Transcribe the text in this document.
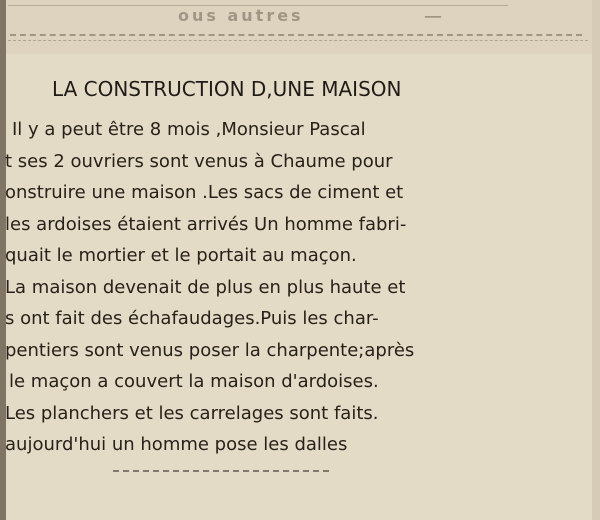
ous autres	—
LA CONSTRUCTION D,UNE MAISON
Il y a peut être 8 mois ,Monsieur Pascal
t ses 2 ouvriers sont venus à Chaume pour
onstruire une maison .Les sacs de ciment et
les ardoises étaient arrivés Un homme fabri-
quait le mortier et le portait au maçon.
La maison devenait de plus en plus haute et
s ont fait des échafaudages.Puis les char-
pentiers sont venus poser la charpente;après
le maçon a couvert la maison d'ardoises.
Les planchers et les carrelages sont faits.
aujourd'hui un homme pose les dalles
